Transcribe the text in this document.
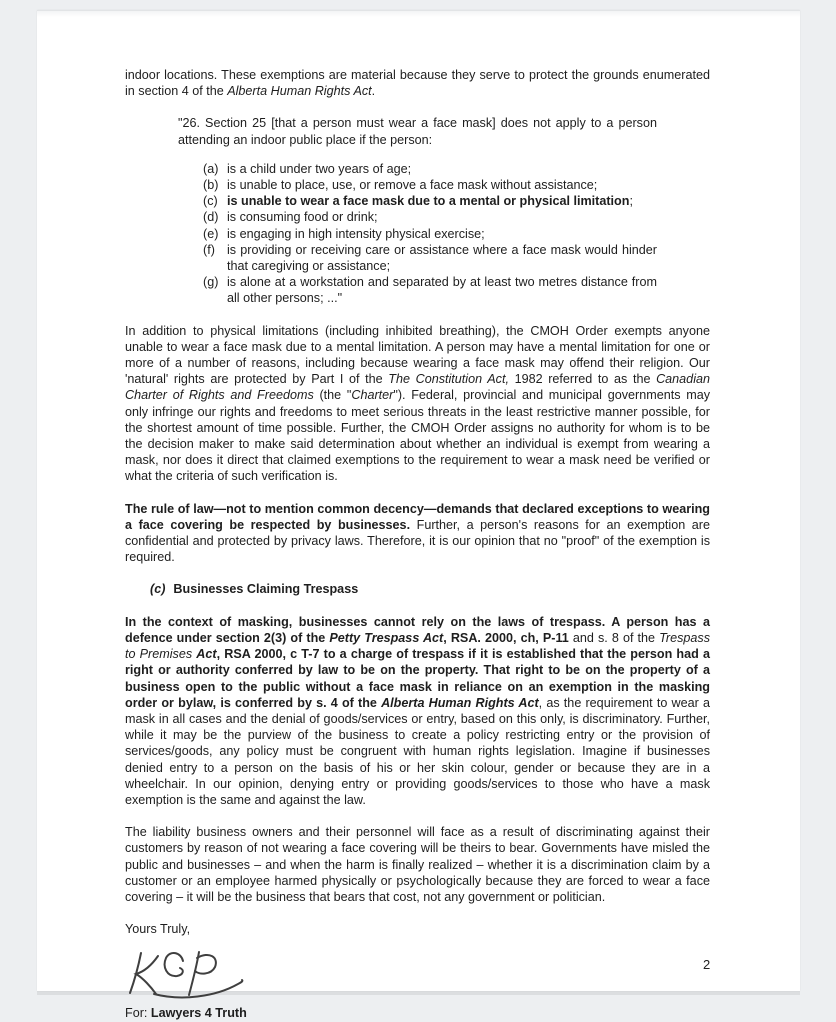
indoor locations. These exemptions are material because they serve to protect the grounds enumerated in section 4 of the Alberta Human Rights Act.

"26. Section 25 [that a person must wear a face mask] does not apply to a person attending an indoor public place if the person:

(a) is a child under two years of age;
(b) is unable to place, use, or remove a face mask without assistance;
(c) is unable to wear a face mask due to a mental or physical limitation;
(d) is consuming food or drink;
(e) is engaging in high intensity physical exercise;
(f) is providing or receiving care or assistance where a face mask would hinder that caregiving or assistance;
(g) is alone at a workstation and separated by at least two metres distance from all other persons; ..."

In addition to physical limitations (including inhibited breathing), the CMOH Order exempts anyone unable to wear a face mask due to a mental limitation. A person may have a mental limitation for one or more of a number of reasons, including because wearing a face mask may offend their religion. Our 'natural' rights are protected by Part I of the The Constitution Act, 1982 referred to as the Canadian Charter of Rights and Freedoms (the "Charter"). Federal, provincial and municipal governments may only infringe our rights and freedoms to meet serious threats in the least restrictive manner possible, for the shortest amount of time possible. Further, the CMOH Order assigns no authority for whom is to be the decision maker to make said determination about whether an individual is exempt from wearing a mask, nor does it direct that claimed exemptions to the requirement to wear a mask need be verified or what the criteria of such verification is.

The rule of law—not to mention common decency—demands that declared exceptions to wearing a face covering be respected by businesses. Further, a person's reasons for an exemption are confidential and protected by privacy laws. Therefore, it is our opinion that no "proof" of the exemption is required.

(c) Businesses Claiming Trespass

In the context of masking, businesses cannot rely on the laws of trespass. A person has a defence under section 2(3) of the Petty Trespass Act, RSA. 2000, ch, P-11 and s. 8 of the Trespass to Premises Act, RSA 2000, c T-7 to a charge of trespass if it is established that the person had a right or authority conferred by law to be on the property. That right to be on the property of a business open to the public without a face mask in reliance on an exemption in the masking order or bylaw, is conferred by s. 4 of the Alberta Human Rights Act, as the requirement to wear a mask in all cases and the denial of goods/services or entry, based on this only, is discriminatory. Further, while it may be the purview of the business to create a policy restricting entry or the provision of services/goods, any policy must be congruent with human rights legislation. Imagine if businesses denied entry to a person on the basis of his or her skin colour, gender or because they are in a wheelchair. In our opinion, denying entry or providing goods/services to those who have a mask exemption is the same and against the law.

The liability business owners and their personnel will face as a result of discriminating against their customers by reason of not wearing a face covering will be theirs to bear. Governments have misled the public and businesses – and when the harm is finally realized – whether it is a discrimination claim by a customer or an employee harmed physically or psychologically because they are forced to wear a face covering – it will be the business that bears that cost, not any government or politician.

Yours Truly,

For: Lawyers 4 Truth

2
